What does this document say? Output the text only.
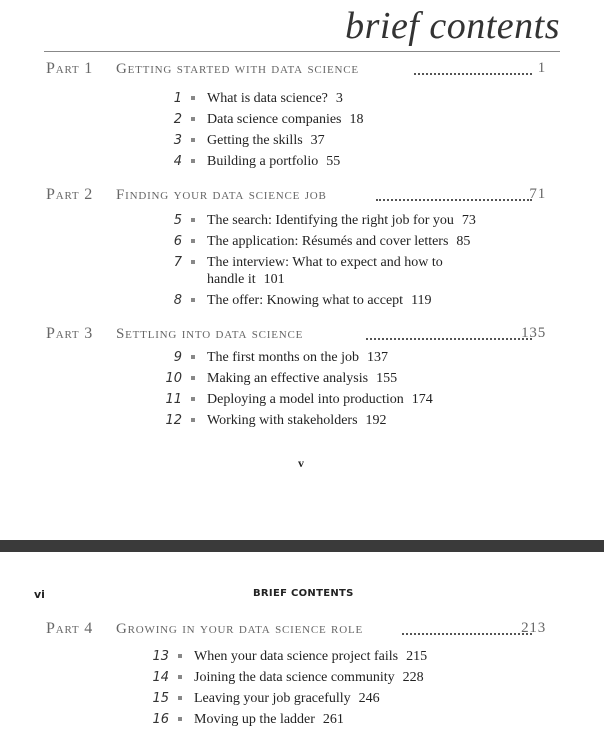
brief contents
Part 1 Getting started with data science	1
1 What is data science? 3
2 Data science companies 18
3 Getting the skills 37
4 Building a portfolio 55
Part 2 Finding your data science job	71
5 The search: Identifying the right job for you 73
6 The application: Résumés and cover letters 85
7 The interview: What to expect and how to handle it 101
8 The offer: Knowing what to accept 119
Part 3 Settling into data science	135
9 The first months on the job 137
10 Making an effective analysis 155
11 Deploying a model into production 174
12 Working with stakeholders 192
v
vi	BRIEF CONTENTS
Part 4 Growing in your data science role	213
13 When your data science project fails 215
14 Joining the data science community 228
15 Leaving your job gracefully 246
16 Moving up the ladder 261
